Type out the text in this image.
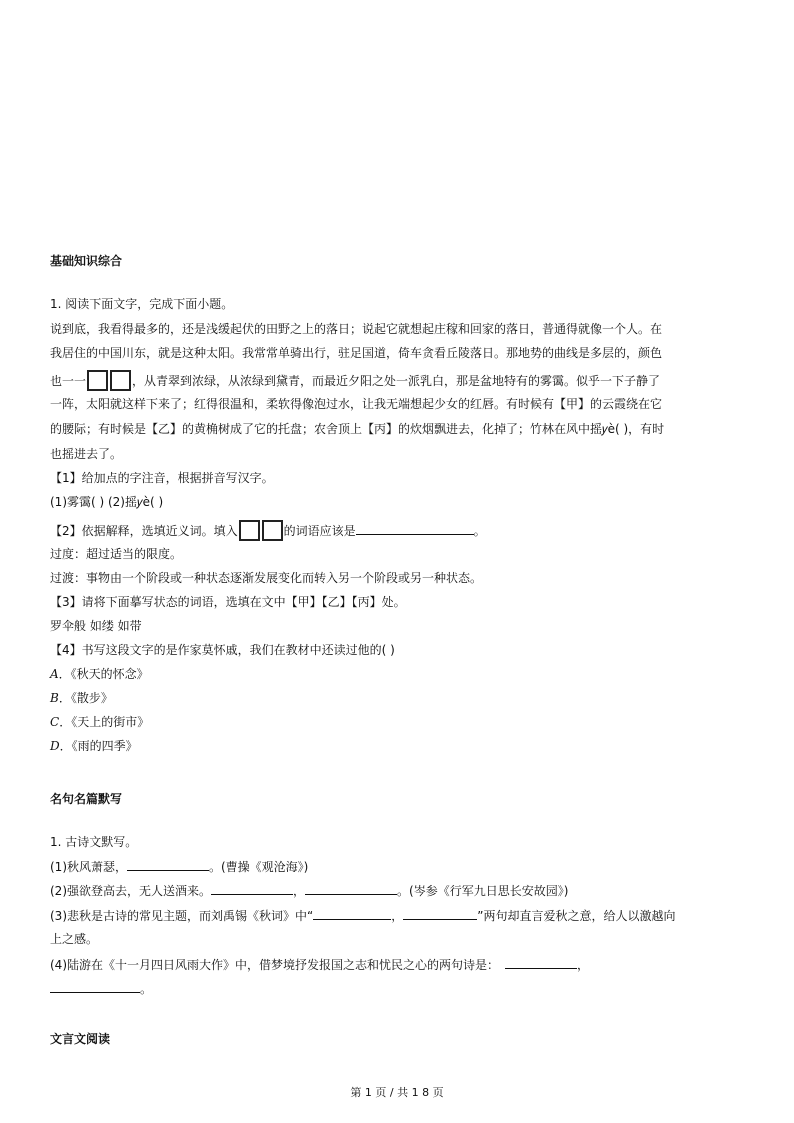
基础知识综合
1. 阅读下面文字，完成下面小题。
说到底，我看得最多的，还是浅缓起伏的田野之上的落日；说起它就想起庄稼和回家的落日，普通得就像一个人。在
我居住的中国川东，就是这种太阳。我常常单骑出行，驻足国道，倚车贪看丘陵落日。那地势的曲线是多层的，颜色
也一一	，从青翠到浓绿，从浓绿到黛青，而最近夕阳之处一派乳白，那是盆地特有的雾霭。似乎一下子静了
一阵，太阳就这样下来了；红得很温和，柔软得像泡过水，让我无端想起少女的红唇。有时候有【甲】的云霞绕在它
的腰际；有时候是【乙】的黄桷树成了它的托盘；农舍顶上【丙】的炊烟飘进去，化掉了；竹林在风中摇𝑦è( )，有时
也摇进去了。
【1】给加点的字注音，根据拼音写汉字。
(1)雾霭( ) (2)摇𝑦è( )
【2】依据解释，选填近义词。填入	的词语应该是	。
过度：超过适当的限度。
过渡：事物由一个阶段或一种状态逐渐发展变化而转入另一个阶段或另一种状态。
【3】请将下面摹写状态的词语，选填在文中【甲】【乙】【丙】处。
罗伞般 如缕 如带
【4】书写这段文字的是作家莫怀戚，我们在教材中还读过他的( )
A．《秋天的怀念》
B．《散步》
C．《天上的街市》
D．《雨的四季》
名句名篇默写
1. 古诗文默写。
(1)秋风萧瑟，	。(曹操《观沧海》)
(2)强欲登高去，无人送酒来。	，	。(岑参《行军九日思长安故园》)
(3)悲秋是古诗的常见主题，而刘禹锡《秋词》中“	，	”两句却直言爱秋之意，给人以激越向
上之感。
(4)陆游在《十一月四日风雨大作》中，借梦境抒发报国之志和忧民之心的两句诗是：	，
。
文言文阅读
第 1 页 / 共 1 8 页
